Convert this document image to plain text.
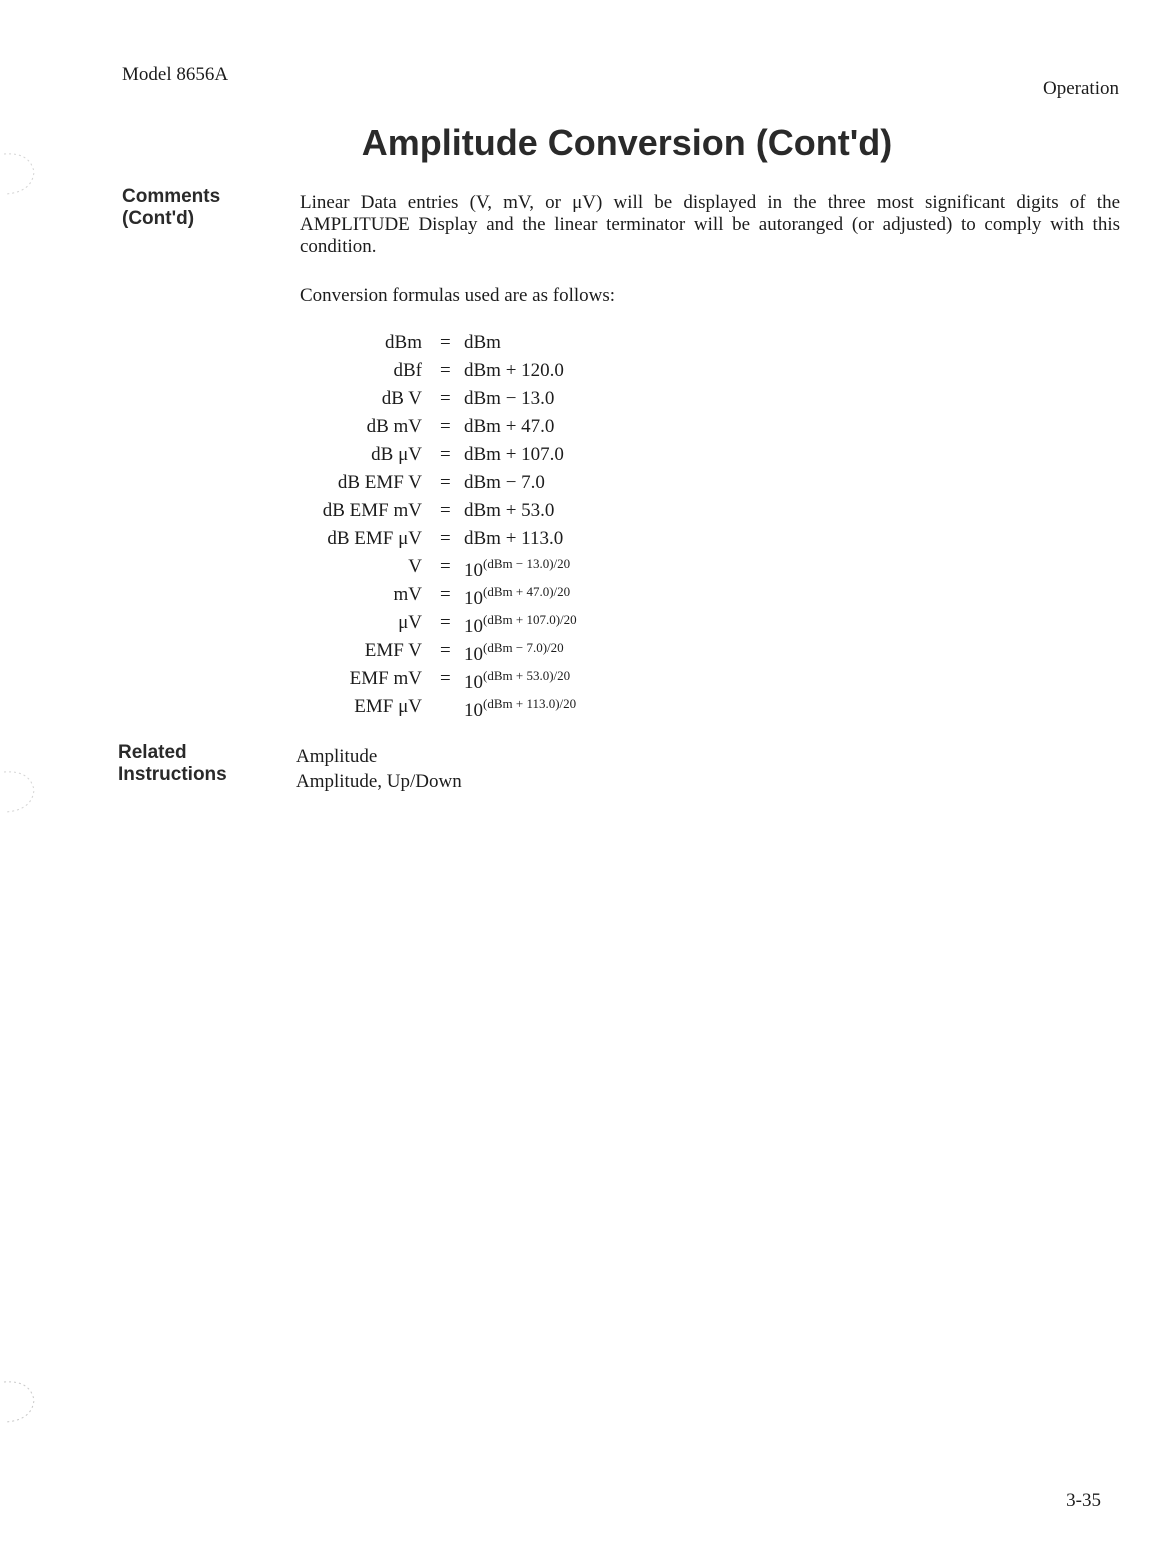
Model 8656A
Operation
Amplitude Conversion (Cont'd)
Comments
(Cont'd)
Linear Data entries (V, mV, or μV) will be displayed in the three most significant digits of the AMPLITUDE Display and the linear terminator will be autoranged (or adjusted) to comply with this condition.
Conversion formulas used are as follows:
dBm = dBm
dBf = dBm + 120.0
dB V = dBm − 13.0
dB mV = dBm + 47.0
dB μV = dBm + 107.0
dB EMF V = dBm − 7.0
dB EMF mV = dBm + 53.0
dB EMF μV = dBm + 113.0
$V = 10^{(dBm - 13.0)/20}$
mV = $10^{(dBm + 47.0)/20}$
$\mu V = 10^{(dBm + 107.0)/20}$
EMF $V = 10^{(dBm - 7.0)/20}$
EMF mV = $10^{(dBm + 53.0)/20}$
EMF μV $10^{(dBm + 113.0)/20}$
Related
Instructions
Amplitude
Amplitude, Up/Down
3-35
